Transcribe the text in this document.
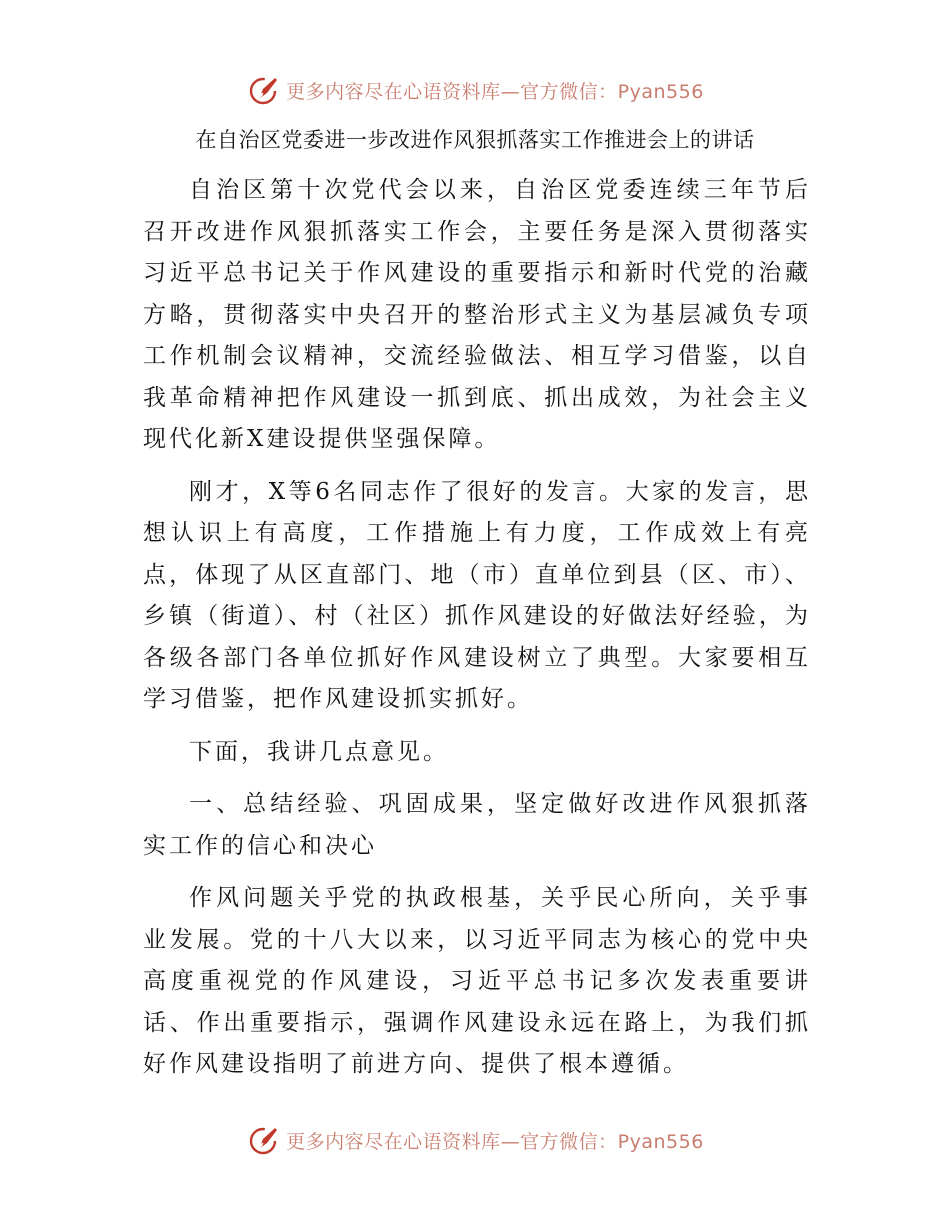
更多内容尽在心语资料库—官方微信：Pyan556
在自治区党委进一步改进作风狠抓落实工作推进会上的讲话

自治区第十次党代会以来，自治区党委连续三年节后召开改进作风狠抓落实工作会，主要任务是深入贯彻落实习近平总书记关于作风建设的重要指示和新时代党的治藏方略，贯彻落实中央召开的整治形式主义为基层减负专项工作机制会议精神，交流经验做法、相互学习借鉴，以自我革命精神把作风建设一抓到底、抓出成效，为社会主义现代化新X建设提供坚强保障。

刚才，X等6名同志作了很好的发言。大家的发言，思想认识上有高度，工作措施上有力度，工作成效上有亮点，体现了从区直部门、地（市）直单位到县（区、市）、乡镇（街道）、村（社区）抓作风建设的好做法好经验，为各级各部门各单位抓好作风建设树立了典型。大家要相互学习借鉴，把作风建设抓实抓好。

下面，我讲几点意见。

一、总结经验、巩固成果，坚定做好改进作风狠抓落实工作的信心和决心

作风问题关乎党的执政根基，关乎民心所向，关乎事业发展。党的十八大以来，以习近平同志为核心的党中央高度重视党的作风建设，习近平总书记多次发表重要讲话、作出重要指示，强调作风建设永远在路上，为我们抓好作风建设指明了前进方向、提供了根本遵循。

更多内容尽在心语资料库—官方微信：Pyan556
